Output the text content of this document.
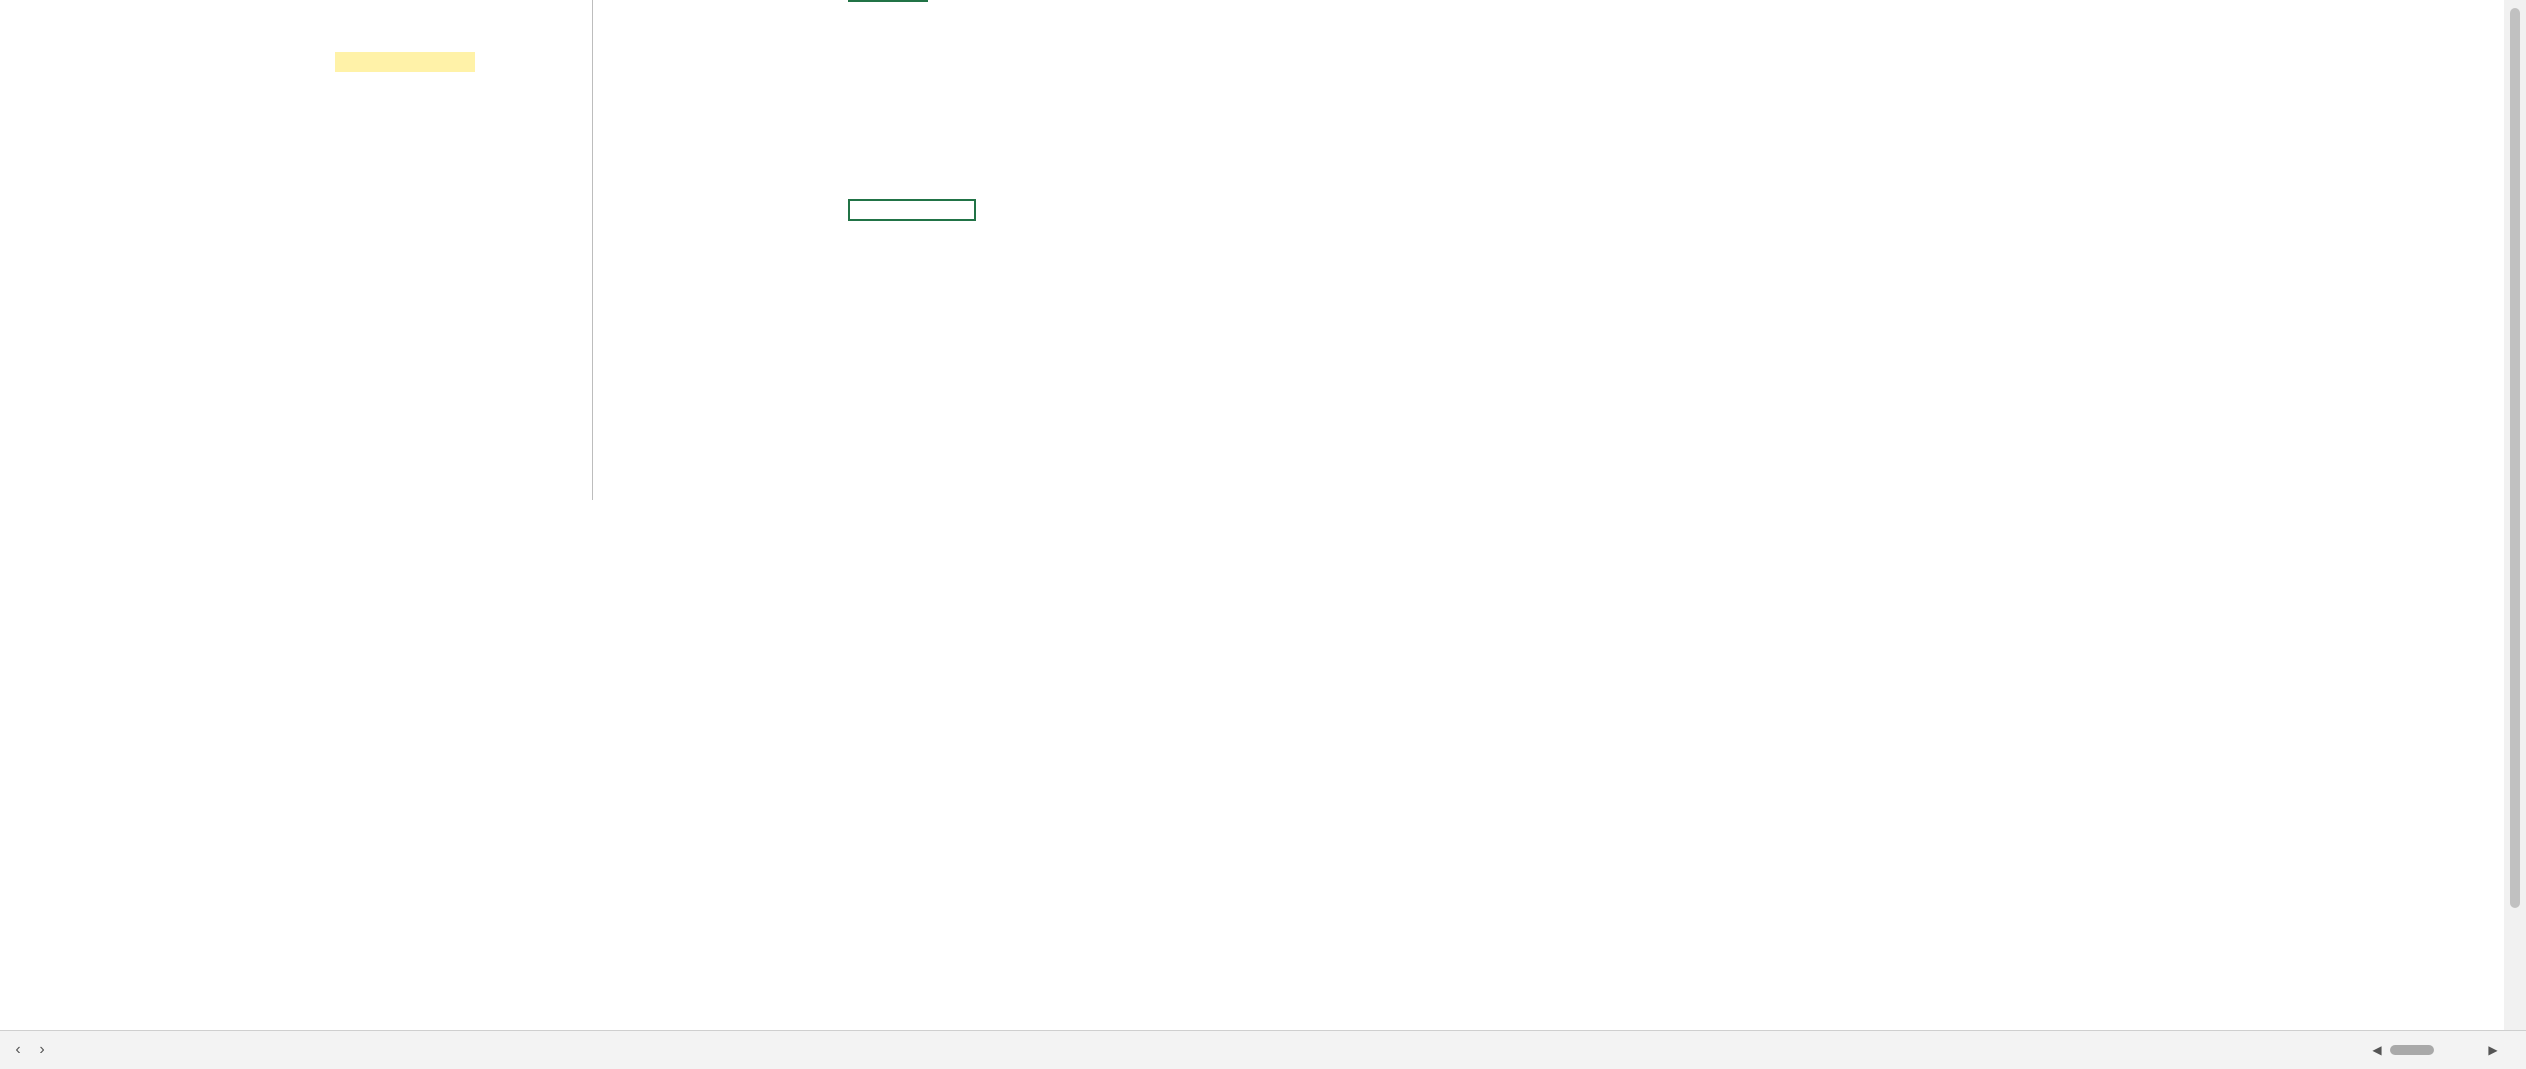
‹	›	◀	▶
